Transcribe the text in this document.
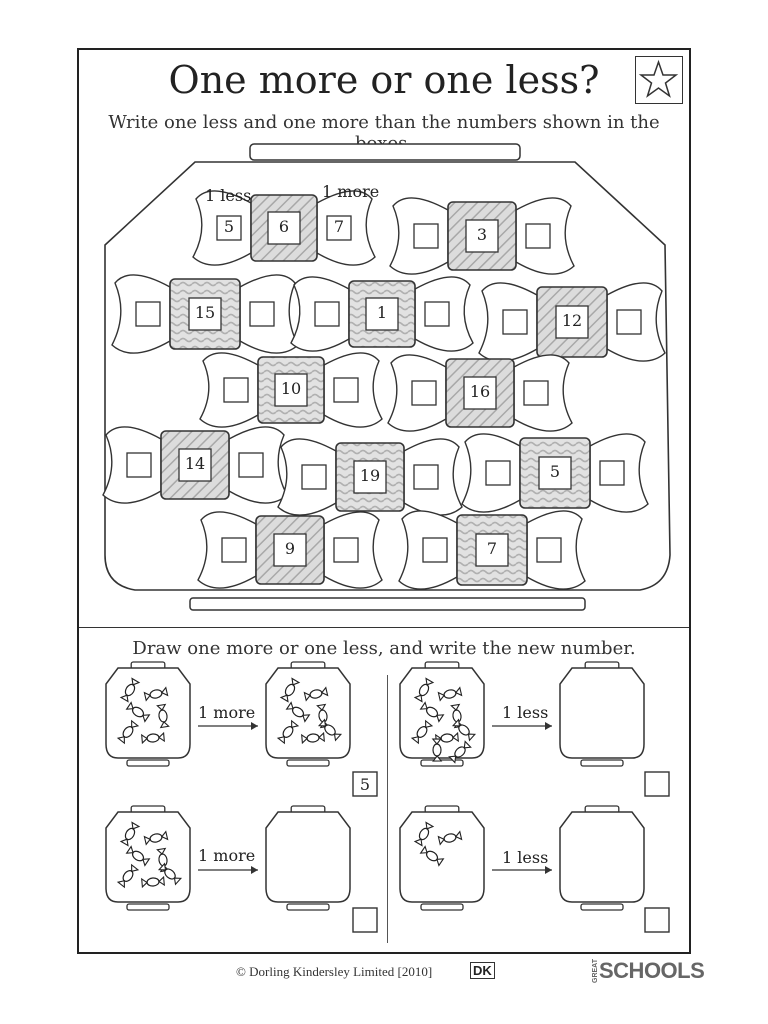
One more or one less?
Write one less and one more than the numbers shown in the
Draw one more or one less, and write the new number.
1 less	1 more
6
5	7	3
15	1	12
10	16
14
19	5
9	7
1 more
5
1 less
1 more	1 less
© Dorling Kindersley Limited [2010]	DK	GREATSCHOOLS
